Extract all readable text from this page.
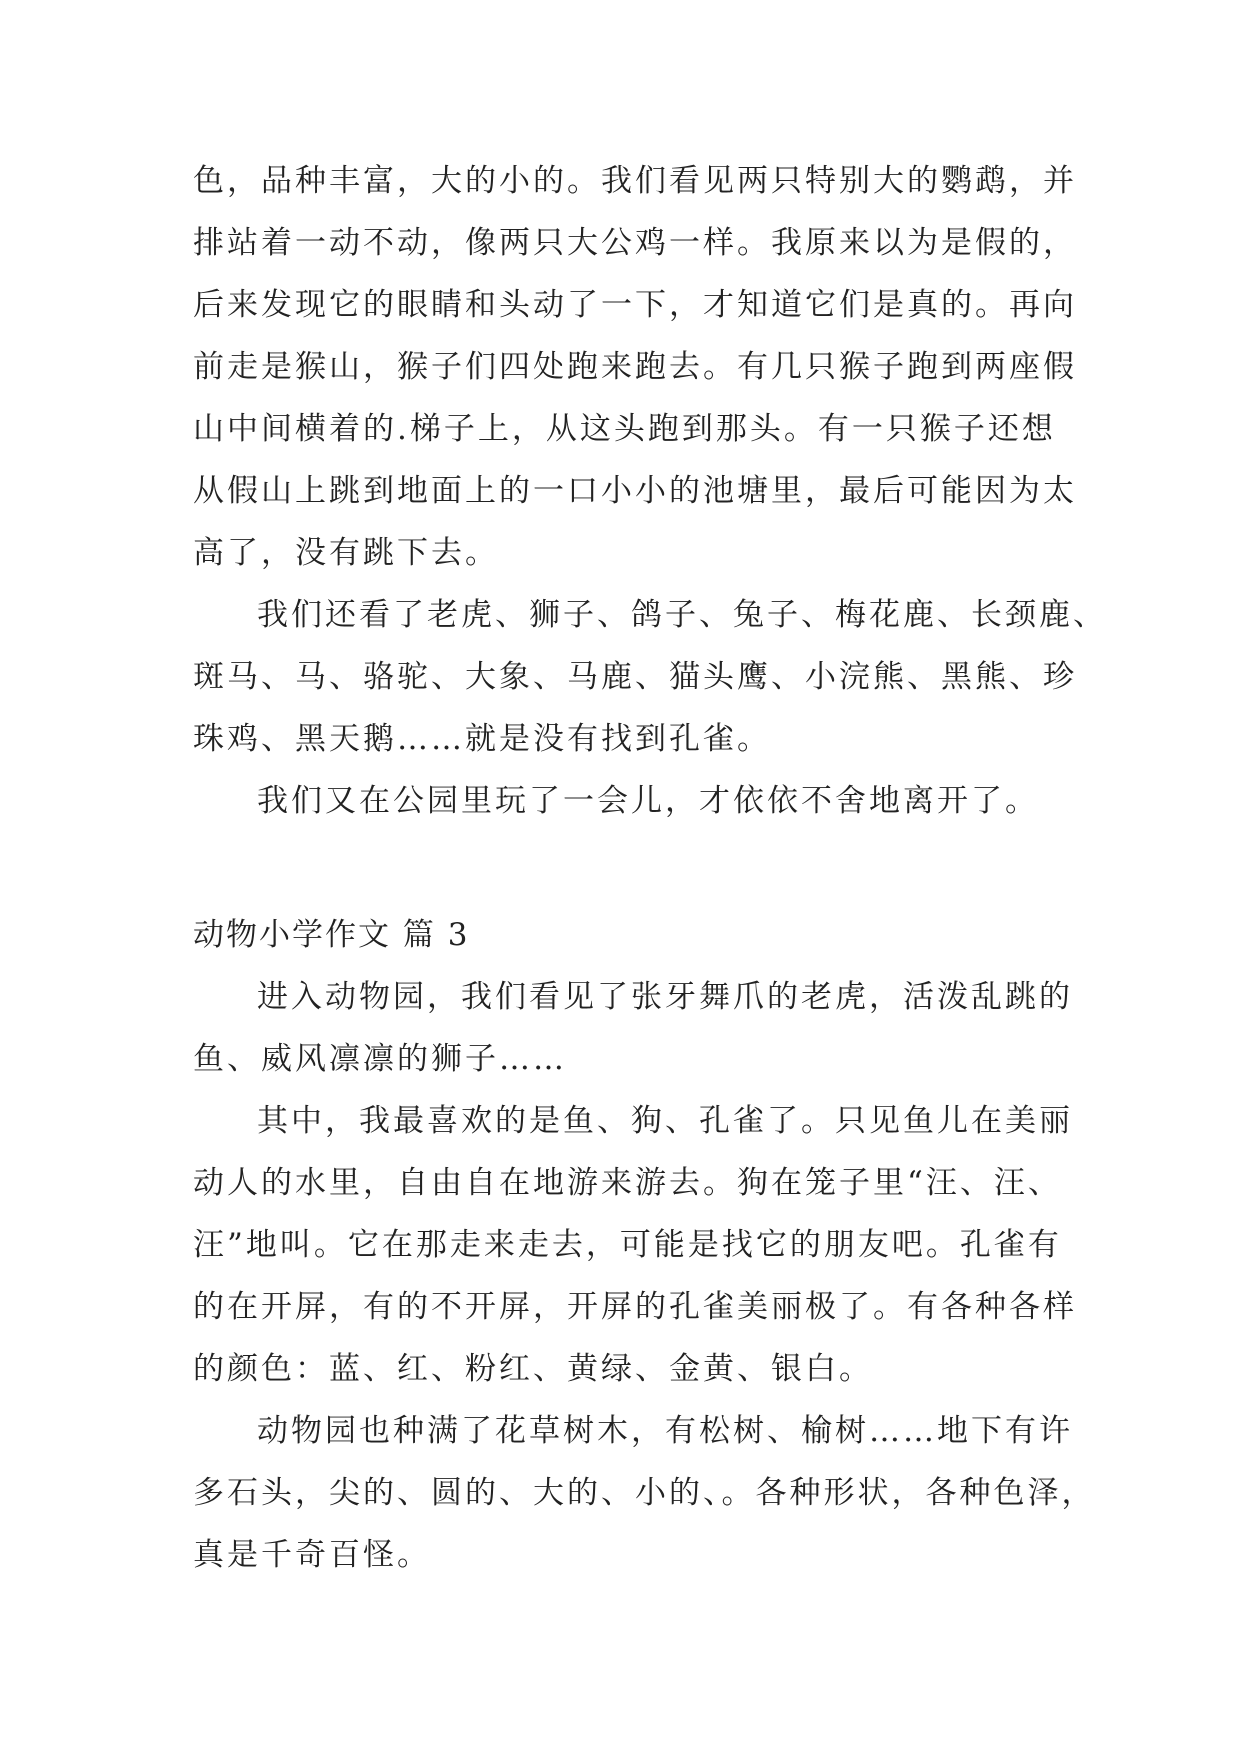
色，品种丰富，大的小的。我们看见两只特别大的鹦鹉，并
排站着一动不动，像两只大公鸡一样。我原来以为是假的，
后来发现它的眼睛和头动了一下，才知道它们是真的。再向
前走是猴山，猴子们四处跑来跑去。有几只猴子跑到两座假
山中间横着的.梯子上，从这头跑到那头。有一只猴子还想
从假山上跳到地面上的一口小小的池塘里，最后可能因为太
高了，没有跳下去。
我们还看了老虎、狮子、鸽子、兔子、梅花鹿、长颈鹿、
斑马、马、骆驼、大象、马鹿、猫头鹰、小浣熊、黑熊、珍
珠鸡、黑天鹅……就是没有找到孔雀。
我们又在公园里玩了一会儿，才依依不舍地离开了。
动物小学作文 篇 3
进入动物园，我们看见了张牙舞爪的老虎，活泼乱跳的
鱼、威风凛凛的狮子……
其中，我最喜欢的是鱼、狗、孔雀了。只见鱼儿在美丽
动人的水里，自由自在地游来游去。狗在笼子里“汪、汪、
汪”地叫。它在那走来走去，可能是找它的朋友吧。孔雀有
的在开屏，有的不开屏，开屏的孔雀美丽极了。有各种各样
的颜色：蓝、红、粉红、黄绿、金黄、银白。
动物园也种满了花草树木，有松树、榆树……地下有许
多石头，尖的、圆的、大的、小的、。各种形状，各种色泽，
真是千奇百怪。
